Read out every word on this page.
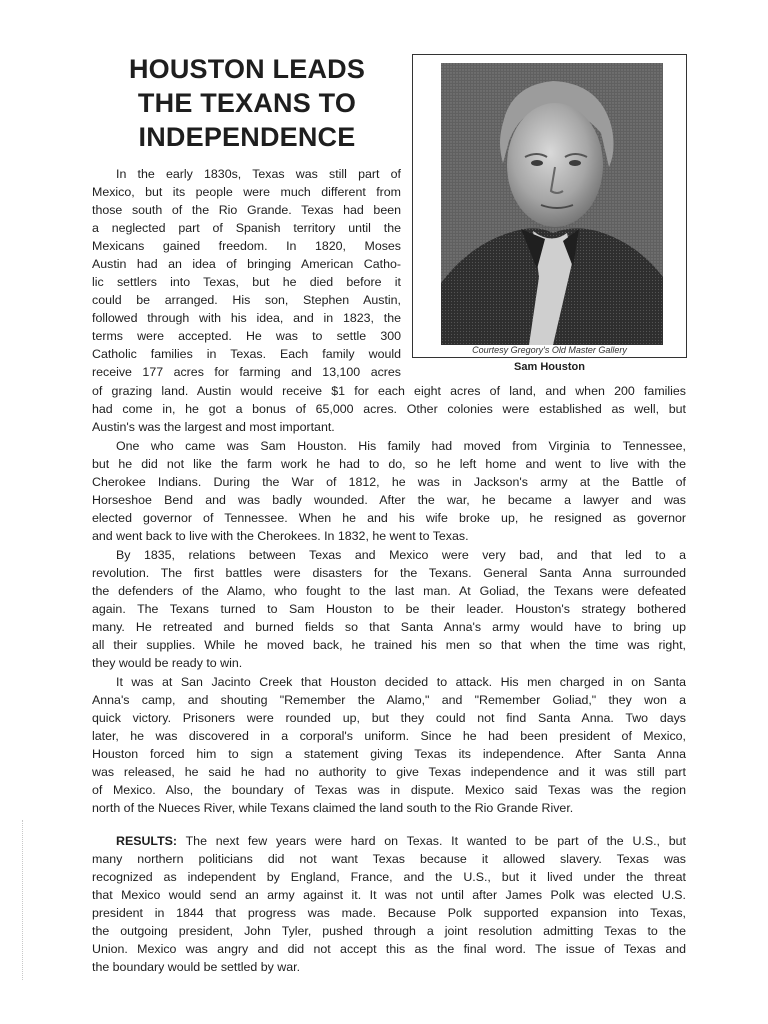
HOUSTON LEADS
THE TEXANS TO
INDEPENDENCE
Courtesy Gregory's Old Master Gallery
Sam Houston
In the early 1830s, Texas was still part of
Mexico, but its people were much different from
those south of the Rio Grande. Texas had been
a neglected part of Spanish territory until the
Mexicans gained freedom. In 1820, Moses
Austin had an idea of bringing American Catho-
lic settlers into Texas, but he died before it
could be arranged. His son, Stephen Austin,
followed through with his idea, and in 1823, the
terms were accepted. He was to settle 300
Catholic families in Texas. Each family would
receive 177 acres for farming and 13,100 acres
of grazing land. Austin would receive $1 for each eight acres of land, and when 200 families
had come in, he got a bonus of 65,000 acres. Other colonies were established as well, but
Austin's was the largest and most important.
One who came was Sam Houston. His family had moved from Virginia to Tennessee,
but he did not like the farm work he had to do, so he left home and went to live with the
Cherokee Indians. During the War of 1812, he was in Jackson's army at the Battle of
Horseshoe Bend and was badly wounded. After the war, he became a lawyer and was
elected governor of Tennessee. When he and his wife broke up, he resigned as governor
and went back to live with the Cherokees. In 1832, he went to Texas.
By 1835, relations between Texas and Mexico were very bad, and that led to a
revolution. The first battles were disasters for the Texans. General Santa Anna surrounded
the defenders of the Alamo, who fought to the last man. At Goliad, the Texans were defeated
again. The Texans turned to Sam Houston to be their leader. Houston's strategy bothered
many. He retreated and burned fields so that Santa Anna's army would have to bring up
all their supplies. While he moved back, he trained his men so that when the time was right,
they would be ready to win.
It was at San Jacinto Creek that Houston decided to attack. His men charged in on Santa
Anna's camp, and shouting "Remember the Alamo," and "Remember Goliad," they won a
quick victory. Prisoners were rounded up, but they could not find Santa Anna. Two days
later, he was discovered in a corporal's uniform. Since he had been president of Mexico,
Houston forced him to sign a statement giving Texas its independence. After Santa Anna
was released, he said he had no authority to give Texas independence and it was still part
of Mexico. Also, the boundary of Texas was in dispute. Mexico said Texas was the region
north of the Nueces River, while Texans claimed the land south to the Rio Grande River.
RESULTS: The next few years were hard on Texas. It wanted to be part of the U.S., but
many northern politicians did not want Texas because it allowed slavery. Texas was
recognized as independent by England, France, and the U.S., but it lived under the threat
that Mexico would send an army against it. It was not until after James Polk was elected U.S.
president in 1844 that progress was made. Because Polk supported expansion into Texas,
the outgoing president, John Tyler, pushed through a joint resolution admitting Texas to the
Union. Mexico was angry and did not accept this as the final word. The issue of Texas and
the boundary would be settled by war.
